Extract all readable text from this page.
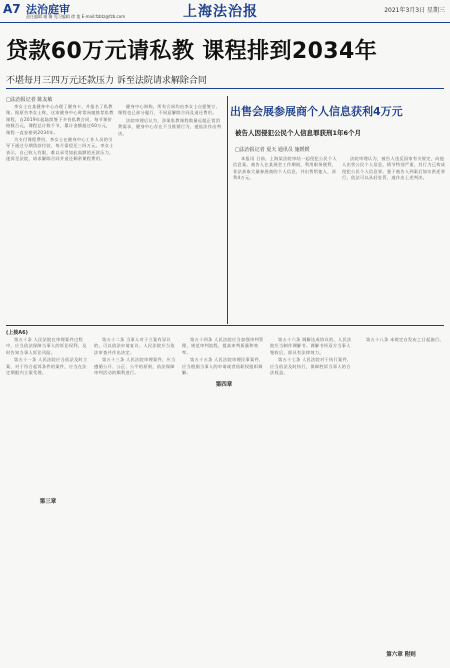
A7 法治庭审
责任编辑 谢 姗 见习编辑 徐 俊 E-mail:fzbtz@fzb.com	上海法治报	2021年3月3日 星期三
贷款60万元请私教 课程排到2034年
不堪每月三四万元还款压力 诉至法院请求解除合同
□法治报记者 陈友敏

李女士在某健身中心办理了健身卡，并报名了私教课。据原告李女士称，这家健身中心时常向她推荐私教课程，自2019年起陆续签下多份私教合同，每节课价格数百元，课程总计数千节，累计金额超过60万元，课程一直安排到2034年。

为支付课程费用，李女士在健身中心工作人员的引导下通过分期贷款付款，每月需偿还三四万元。李女士表示，自己收入有限，难以承受如此高额的还款压力，遂诉至法院，请求解除合同并退还剩余课程费用。

健身中心辩称，所有合同均由李女士自愿签订，课程也已部分履行，不同意解除合同及退还费用。

法院审理后认为，涉案私教课程数量远超正常消费需求，健身中心存在不当推销行为，遂依法作出判决。

出售会展参展商个人信息获利4万元
被告人因侵犯公民个人信息罪获刑1年6个月
□法治报记者 夏天 通讯员 施媛媛

本报讯 日前，上海某法院审结一起侵犯公民个人信息案。被告人在某展会工作期间，利用职务便利，非法获取大量参展商的个人信息，并出售给他人，获利4万元。

法院审理认为，被告人违反国家有关规定，向他人出售公民个人信息，情节特别严重，其行为已构成侵犯公民个人信息罪。鉴于被告人到案后如实供述罪行，依法可以从轻处罚，遂作出上述判决。

(上接A6)

第五十条 人民法院在审理案件过程中，应当依法保障当事人的诉讼权利，及时告知当事人诉讼风险。

第五十一条 人民法院应当依法及时立案，对于符合起诉条件的案件，应当在法定期限内立案受理。

第三章

第五十二条 当事人对于立案有异议的，可以依法申请复议。人民法院应当依法审查并作出决定。

第五十三条 人民法院审理案件，应当遵循公开、公正、公平的原则，依法保障审判活动的顺利进行。

第五十四条 人民法院应当加强审判管理，规范审判流程，提高审判质量和效率。

第五十五条 人民法院审理民事案件，应当根据当事人的申请或者依职权组织调解。

第四章

第五十六条 调解达成协议的，人民法院应当制作调解书。调解书经双方当事人签收后，即具有法律效力。

第五十七条 人民法院对于执行案件，应当依法及时执行，保障胜诉当事人的合法权益。

第五十八条 本规定自发布之日起施行。

第六章 附则
